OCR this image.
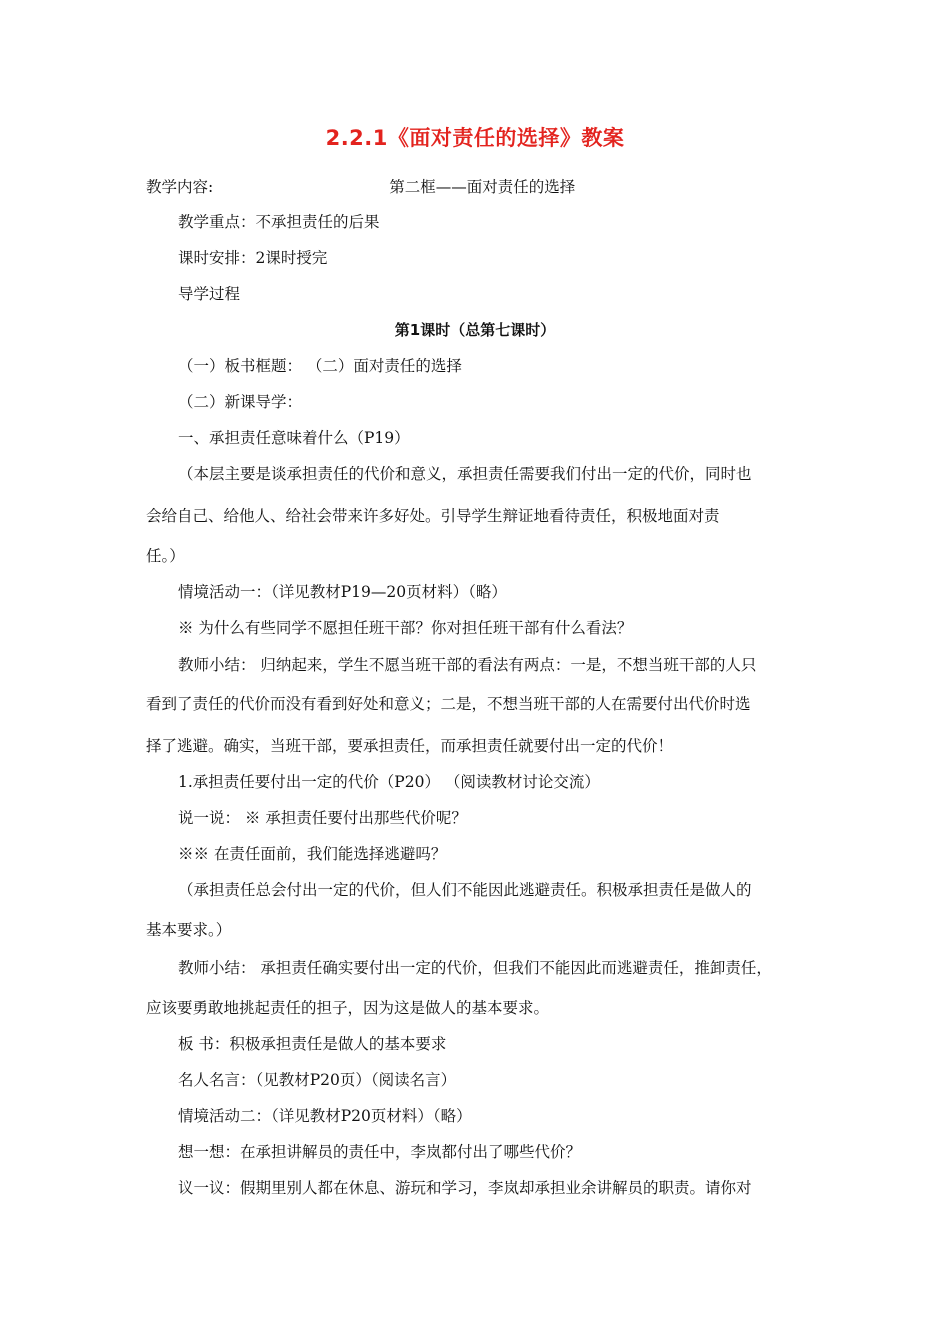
2.2.1《面对责任的选择》教案
教学内容:	第二框——面对责任的选择
教学重点：不承担责任的后果
课时安排：2课时授完
导学过程
第1课时（总第七课时）
（一）板书框题： （二）面对责任的选择
（二）新课导学：
一、承担责任意味着什么（P19）
（本层主要是谈承担责任的代价和意义，承担责任需要我们付出一定的代价，同时也
会给自己、给他人、给社会带来许多好处。引导学生辩证地看待责任，积极地面对责
任。）
情境活动一：（详见教材P19—20页材料）（略）
※ 为什么有些同学不愿担任班干部？你对担任班干部有什么看法？
教师小结： 归纳起来，学生不愿当班干部的看法有两点：一是，不想当班干部的人只
看到了责任的代价而没有看到好处和意义；二是，不想当班干部的人在需要付出代价时选
择了逃避。确实，当班干部，要承担责任，而承担责任就要付出一定的代价！
1.承担责任要付出一定的代价（P20） （阅读教材讨论交流）
说一说： ※ 承担责任要付出那些代价呢？
※※ 在责任面前，我们能选择逃避吗？
（承担责任总会付出一定的代价，但人们不能因此逃避责任。积极承担责任是做人的
基本要求。）
教师小结： 承担责任确实要付出一定的代价，但我们不能因此而逃避责任，推卸责任，
应该要勇敢地挑起责任的担子，因为这是做人的基本要求。
板 书：积极承担责任是做人的基本要求
名人名言：（见教材P20页）（阅读名言）
情境活动二：（详见教材P20页材料）（略）
想一想：在承担讲解员的责任中，李岚都付出了哪些代价？
议一议：假期里别人都在休息、游玩和学习，李岚却承担业余讲解员的职责。请你对
